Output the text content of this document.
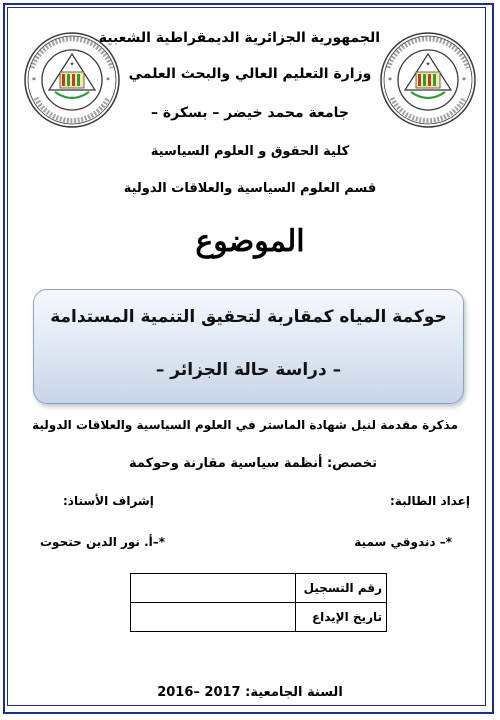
✦
*	*
✦
*	*
الجمهورية الجزائرية الديمقراطية الشعبية
وزارة التعليم العالي والبحث العلمي
جامعة محمد خيضر – بسكرة –
كلية الحقوق و العلوم السياسية
قسم العلوم السياسية والعلاقات الدولية
الموضوع
حوكمة المياه كمقاربة لتحقيق التنمية المستدامة
– دراسة حالة الجزائر –
مذكرة مقدمة لنيل شهادة الماستر في العلوم السياسية والعلاقات الدولية
تخصص: أنظمة سياسية مقارنة وحوكمة
إعداد الطالبة:
إشراف الأستاذ:
*– دندوقي سمية
*–أ. نور الدين حتحوت
	رقم التسجيل
	تاريخ الإيداع
السنة الجامعية: 2016– 2017
